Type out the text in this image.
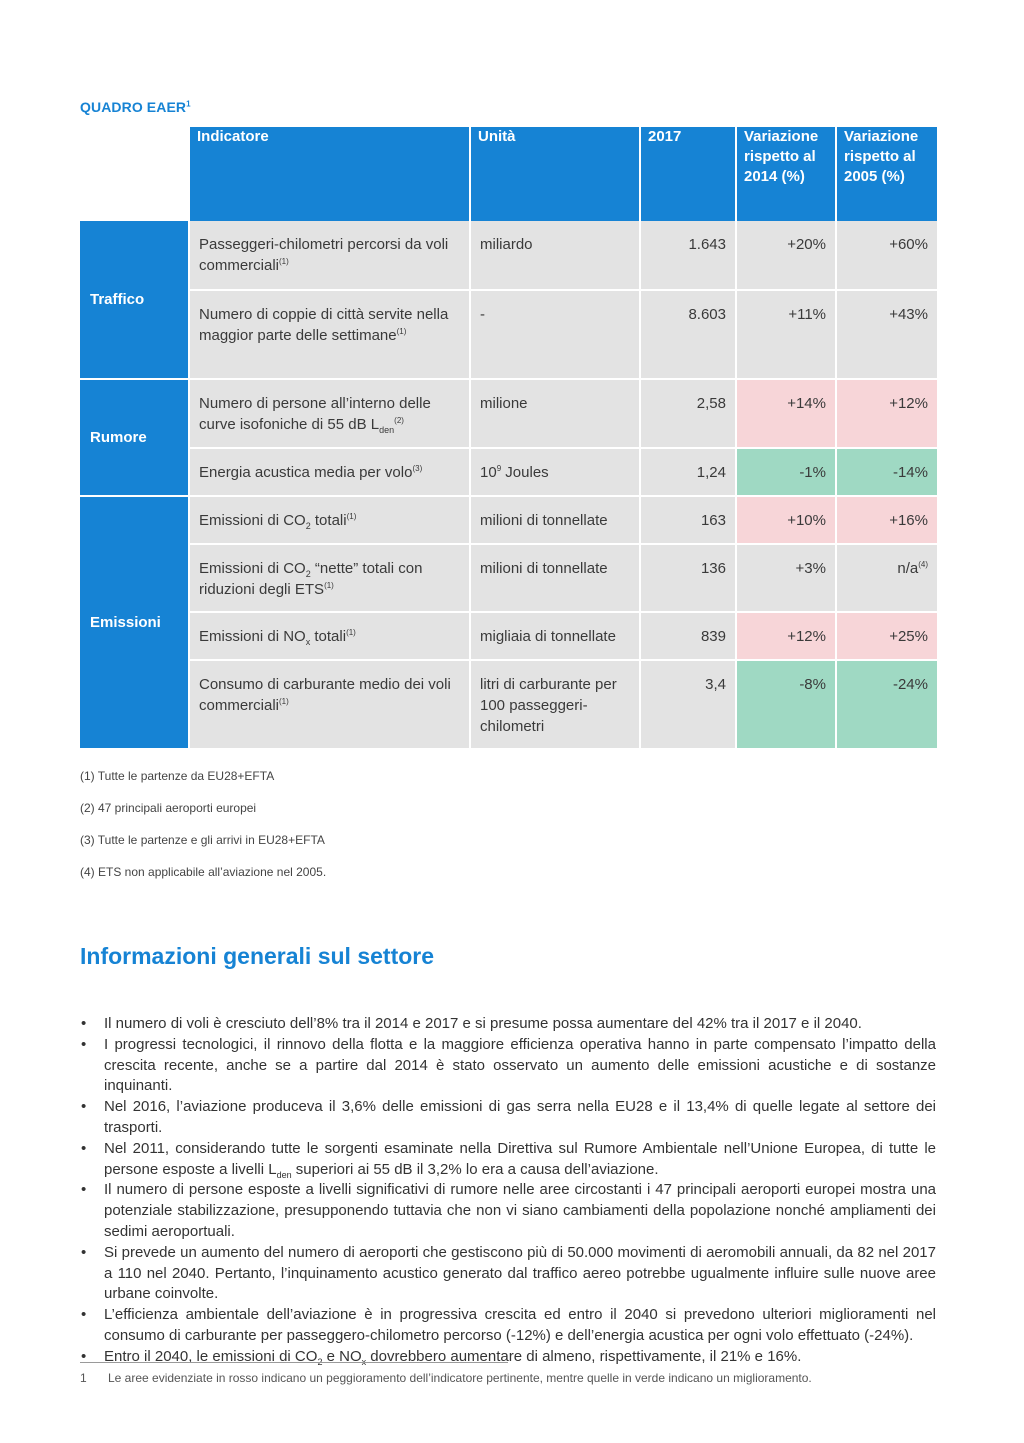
QUADRO EAER$^1$
	Indicatore	Unità	2017	Variazione rispetto al 2014 (%)	Variazione rispetto al 2005 (%)
Traffico	Passeggeri-chilometri percorsi da voli commerciali$^{(1)}$	miliardo	1.643	+20%	+60%
	Numero di coppie di città servite nella maggior parte delle settimane$^{(1)}$	-	8.603	+11%	+43%
Rumore	Numero di persone all’interno delle curve isofoniche di 55 dB $L_{den}^{(2)}$	milione	2,58	+14%	+12%
	Energia acustica media per volo$^{(3)}$	$10^9$ Joules	1,24	-1%	-14%
Emissioni	Emissioni di $CO_2$ totali$^{(1)}$	milioni di tonnellate	163	+10%	+16%
	Emissioni di $CO_2$ “nette” totali con riduzioni degli ETS$^{(1)}$	milioni di tonnellate	136	+3%	$n/a^{(4)}$
	Emissioni di $NO_x$ totali$^{(1)}$	migliaia di tonnellate	839	+12%	+25%
	Consumo di carburante medio dei voli commerciali$^{(1)}$	litri di carburante per 100 passeggeri-chilometri	3,4	-8%	-24%
(1) Tutte le partenze da EU28+EFTA
(2) 47 principali aeroporti europei
(3) Tutte le partenze e gli arrivi in EU28+EFTA
(4) ETS non applicabile all’aviazione nel 2005.
Informazioni generali sul settore
• Il numero di voli è cresciuto dell’8% tra il 2014 e 2017 e si presume possa aumentare del 42% tra il 2017 e il 2040.
• I progressi tecnologici, il rinnovo della flotta e la maggiore efficienza operativa hanno in parte compensato l’impatto della crescita recente, anche se a partire dal 2014 è stato osservato un aumento delle emissioni acustiche e di sostanze inquinanti.
• Nel 2016, l’aviazione produceva il 3,6% delle emissioni di gas serra nella EU28 e il 13,4% di quelle legate al settore dei trasporti.
• Nel 2011, considerando tutte le sorgenti esaminate nella Direttiva sul Rumore Ambientale nell’Unione Europea, di tutte le persone esposte a livelli $L_{den}$ superiori ai 55 dB il 3,2% lo era a causa dell’aviazione.
• Il numero di persone esposte a livelli significativi di rumore nelle aree circostanti i 47 principali aeroporti europei mostra una potenziale stabilizzazione, presupponendo tuttavia che non vi siano cambiamenti della popolazione nonché ampliamenti dei sedimi aeroportuali.
• Si prevede un aumento del numero di aeroporti che gestiscono più di 50.000 movimenti di aeromobili annuali, da 82 nel 2017 a 110 nel 2040. Pertanto, l’inquinamento acustico generato dal traffico aereo potrebbe ugualmente influire sulle nuove aree urbane coinvolte.
• L’efficienza ambientale dell’aviazione è in progressiva crescita ed entro il 2040 si prevedono ulteriori miglioramenti nel consumo di carburante per passeggero-chilometro percorso (-12%) e dell’energia acustica per ogni volo effettuato (-24%).
• Entro il 2040, le emissioni di $CO_2$ e $NO_x$ dovrebbero aumentare di almeno, rispettivamente, il 21% e 16%.
1 Le aree evidenziate in rosso indicano un peggioramento dell’indicatore pertinente, mentre quelle in verde indicano un miglioramento.
